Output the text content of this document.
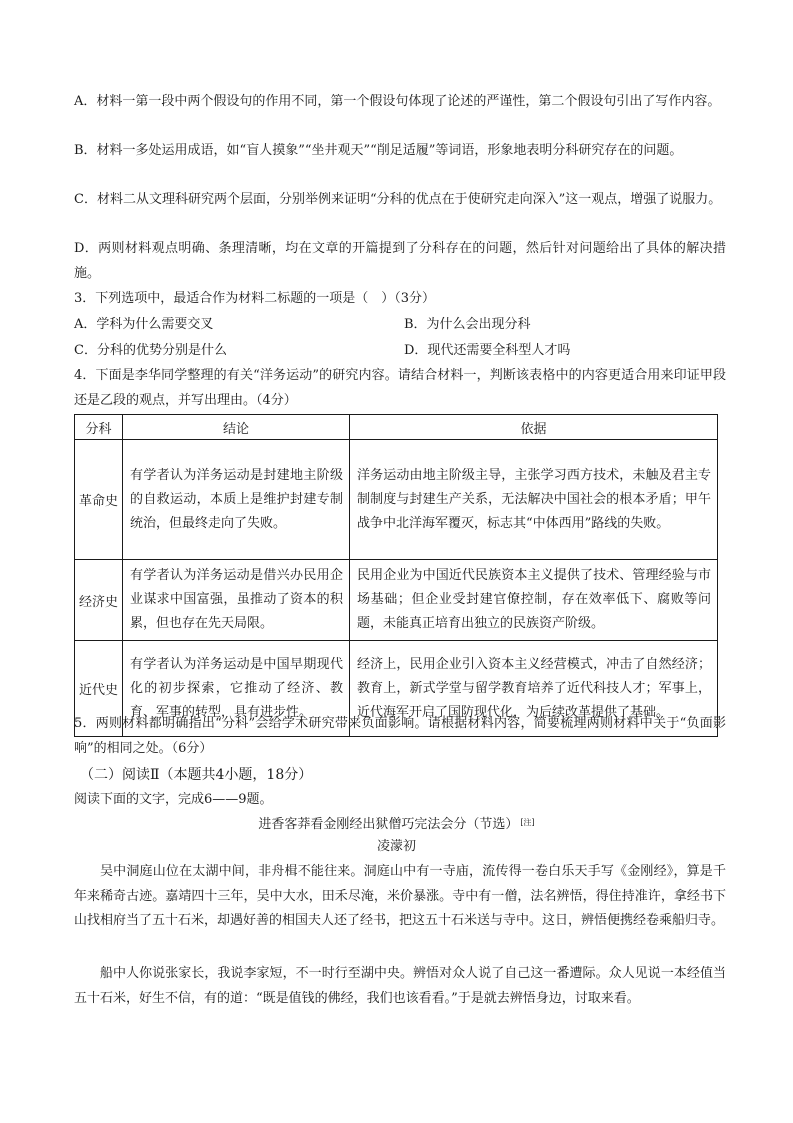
A．材料一第一段中两个假设句的作用不同，第一个假设句体现了论述的严谨性，第二个假设句引出了写作内容。

B．材料一多处运用成语，如“盲人摸象”“坐井观天”“削足适履”等词语，形象地表明分科研究存在的问题。

C．材料二从文理科研究两个层面，分别举例来证明“分科的优点在于使研究走向深入”这一观点，增强了说服力。

D．两则材料观点明确、条理清晰，均在文章的开篇提到了分科存在的问题，然后针对问题给出了具体的解决措施。

3．下列选项中，最适合作为材料二标题的一项是（　）（3分）

A．学科为什么需要交叉	B．为什么会出现分科

C．分科的优势分别是什么	D．现代还需要全科型人才吗

4．下面是李华同学整理的有关“洋务运动”的研究内容。请结合材料一，判断该表格中的内容更适合用来印证甲段还是乙段的观点，并写出理由。（4分）

分科	结论	依据
革命史	有学者认为洋务运动是封建地主阶级的自救运动，本质上是维护封建专制统治，但最终走向了失败。	洋务运动由地主阶级主导，主张学习西方技术，未触及君主专制制度与封建生产关系，无法解决中国社会的根本矛盾；甲午战争中北洋海军覆灭，标志其“中体西用”路线的失败。

经济史	有学者认为洋务运动是借兴办民用企业谋求中国富强，虽推动了资本的积累，但也存在先天局限。	民用企业为中国近代民族资本主义提供了技术、管理经验与市场基础；但企业受封建官僚控制，存在效率低下、腐败等问题，未能真正培育出独立的民族资产阶级。

近代史	有学者认为洋务运动是中国早期现代化的初步探索，它推动了经济、教育、军事的转型，具有进步性。	经济上，民用企业引入资本主义经营模式，冲击了自然经济；教育上，新式学堂与留学教育培养了近代科技人才；军事上，近代海军开启了国防现代化，为后续改革提供了基础。

5．两则材料都明确指出“分科”会给学术研究带来负面影响。请根据材料内容，简要梳理两则材料中关于“负面影响”的相同之处。（6分）

（二）阅读Ⅱ（本题共4小题，18分）

阅读下面的文字，完成6——9题。

进香客莽看金刚经出狱僧巧完法会分（节选） [注]

凌濛初

吴中洞庭山位在太湖中间，非舟楫不能往来。洞庭山中有一寺庙，流传得一卷白乐天手写《金刚经》，算是千年来稀奇古迹。嘉靖四十三年，吴中大水，田禾尽淹，米价暴涨。寺中有一僧，法名辨悟，得住持准许，拿经书下山找相府当了五十石米，却遇好善的相国夫人还了经书，把这五十石米送与寺中。这日，辨悟便携经卷乘船归寺。

船中人你说张家长，我说李家短，不一时行至湖中央。辨悟对众人说了自己这一番遭际。众人见说一本经值当五十石米，好生不信，有的道：“既是值钱的佛经，我们也该看看。”于是就去辨悟身边，讨取来看。
